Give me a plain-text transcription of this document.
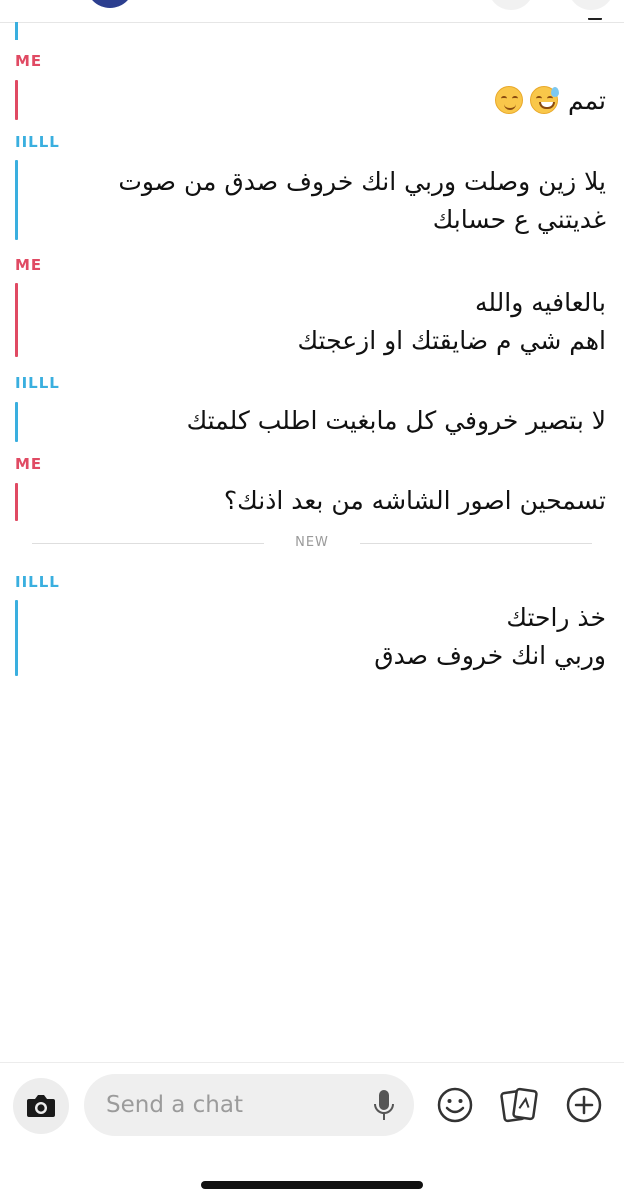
ME
تمم
IILLL
يلا زين وصلت وربي انك خروف صدق من صوت
غديتني ع حسابك
ME
بالعافيه والله
اهم شي م ضايقتك او ازعجتك
IILLL
لا بتصير خروفي كل مابغيت اطلب كلمتك
ME
تسمحين اصور الشاشه من بعد اذنك؟
NEW
IILLL
خذ راحتك
وربي انك خروف صدق
Send a chat
